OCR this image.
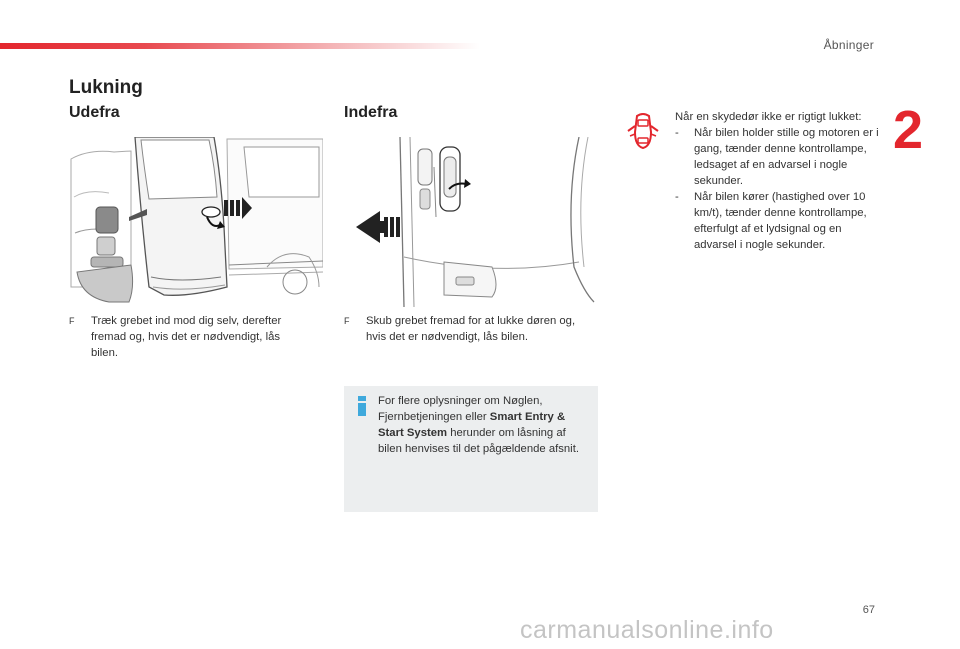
Åbninger
2
Lukning
Udefra	Indefra
F	Træk grebet ind mod dig selv, derefter fremad og, hvis det er nødvendigt, lås bilen.
F	Skub grebet fremad for at lukke døren og, hvis det er nødvendigt, lås bilen.
For flere oplysninger om Nøglen, Fjernbetjeningen eller Smart Entry & Start System herunder om låsning af bilen henvises til det pågældende afsnit.
Når en skydedør ikke er rigtigt lukket:
- Når bilen holder stille og motoren er i gang, tænder denne kontrollampe, ledsaget af en advarsel i nogle sekunder.
- Når bilen kører (hastighed over 10 km/t), tænder denne kontrollampe, efterfulgt af et lydsignal og en advarsel i nogle sekunder.
67
carmanualsonline.info
